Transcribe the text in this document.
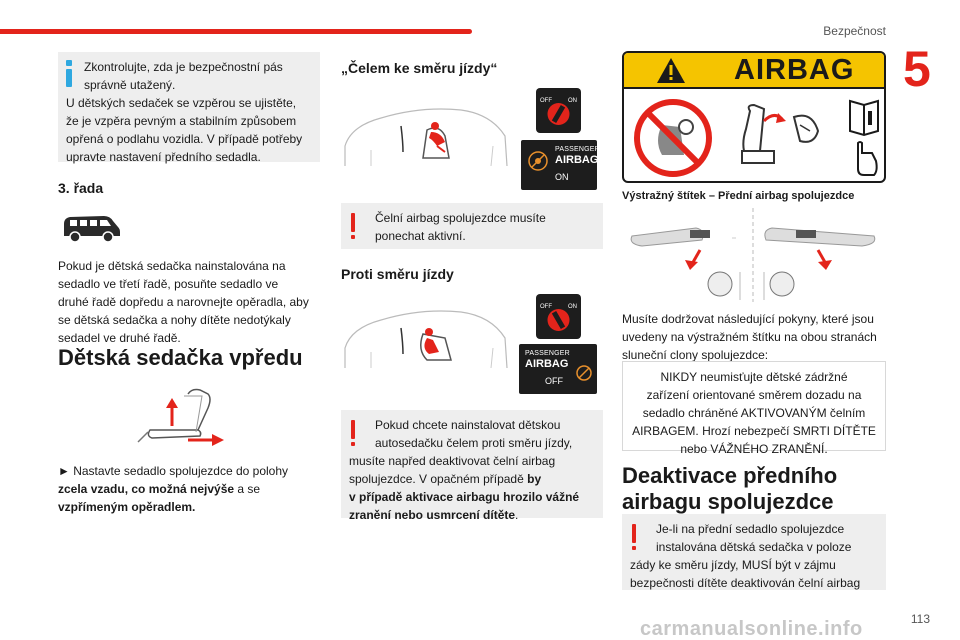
Bezpečnost
5
Zkontrolujte, zda je bezpečnostní pás
správně utažený.
U dětských sedaček se vzpěrou se ujistěte,
že je vzpěra pevným a stabilním způsobem
opřená o podlahu vozidla. V případě potřeby
upravte nastavení předního sedadla.
3. řada
Pokud je dětská sedačka nainstalována na
sedadlo ve třetí řadě, posuňte sedadlo ve
druhé řadě dopředu a narovnejte opěradla, aby
se dětská sedačka a nohy dítěte nedotýkaly
sedadel ve druhé řadě.
Dětská sedačka vpředu
► Nastavte sedadlo spolujezdce do polohy
zcela vzadu, co možná nejvýše a se
vzpřímeným opěradlem.
„Čelem ke směru jízdy“
OFF	ON
PASSENGER
AIRBAG
ON
Čelní airbag spolujezdce musíte
ponechat aktivní.
Proti směru jízdy
OFF	ON
PASSENGER
AIRBAG
OFF
Pokud chcete nainstalovat dětskou
autosedačku čelem proti směru jízdy,
musíte napřed deaktivovat čelní airbag
spolujezdce. V opačném případě by
v případě aktivace airbagu hrozilo vážné
zranění nebo usmrcení dítěte.
AIRBAG
Výstražný štítek – Přední airbag spolujezdce
Musíte dodržovat následující pokyny, které jsou
uvedeny na výstražném štítku na obou stranách
sluneční clony spolujezdce:
NIKDY neumisťujte dětské zádržné
zařízení orientované směrem dozadu na
sedadlo chráněné AKTIVOVANÝM čelním
AIRBAGEM. Hrozí nebezpečí SMRTI DÍTĚTE
nebo VÁŽNÉHO ZRANĚNÍ.
Deaktivace předního
airbagu spolujezdce
Je-li na přední sedadlo spolujezdce
instalována dětská sedačka v poloze
zády ke směru jízdy, MUSÍ být v zájmu
bezpečnosti dítěte deaktivován čelní airbag
carmanualsonline.info	113
